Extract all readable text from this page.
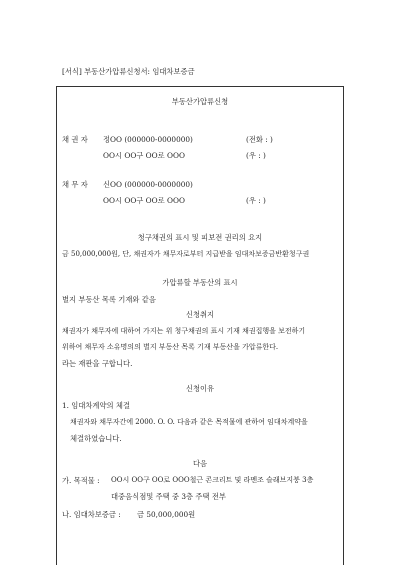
[서식] 부동산가압류신청서: 임대차보증금
부동산가압류신청
채 권 자 정OO (000000-0000000)	(전화 : )
OO시 OO구 OO로 OOO	(우 : )
채 무 자 신OO (000000-0000000)
OO시 OO구 OO로 OOO	(우 : )
청구채권의 표시 및 피보전 권리의 요지
금 50,000,000원, 단, 채권자가 채무자로부터 지급받을 임대차보증금반환청구권
가압류할 부동산의 표시
별지 부동산 목록 기재와 같음
신청취지
채권자가 채무자에 대하여 가지는 위 청구채권의 표시 기재 채권집행을 보전하기
위하여 채무자 소유명의의 별지 부동산 목록 기재 부동산을 가압류한다.
라는 재판을 구합니다.
신청이유
1. 임대차계약의 체결
채권자와 채무자간에 2000. O. O. 다음과 같은 목적물에 관하여 임대차계약을
체결하였습니다.
다음
가. 목적물 : OO시 OO구 OO로 OOO철근 콘크리트 및 라멘조 슬래브지붕 3층
대중음식점및 주택 중 3층 주택 전부
나. 임대차보증금 : 금 50,000,000원
